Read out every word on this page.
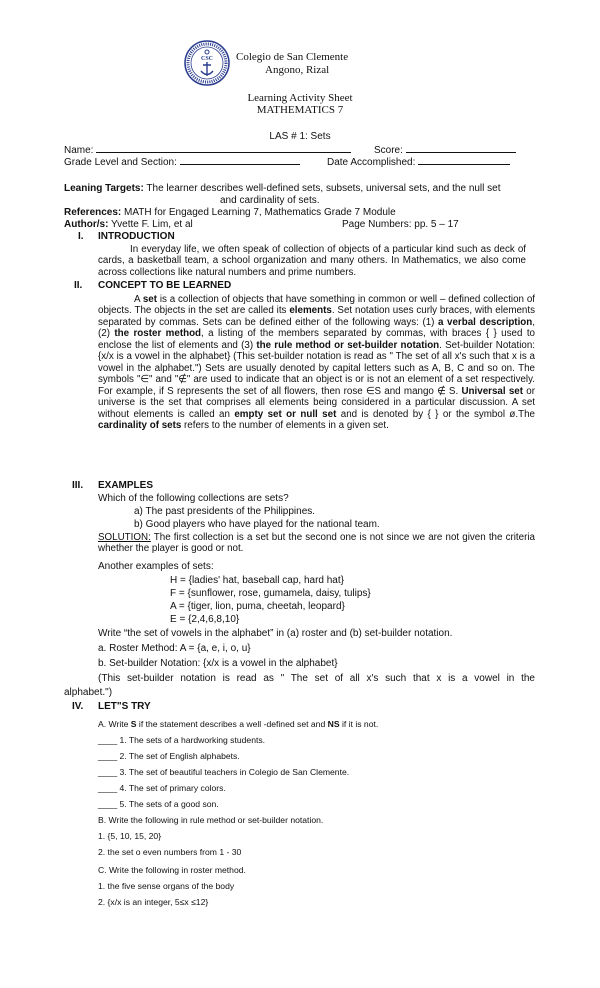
CSC Colegio de San Clemente
Angono, Rizal
Learning Activity Sheet
MATHEMATICS 7
LAS # 1: Sets
Name:	Score:
Grade Level and Section:	Date Accomplished:
Leaning Targets: The learner describes well-defined sets, subsets, universal sets, and the null set
and cardinality of sets.
References: MATH for Engaged Learning 7, Mathematics Grade 7 Module
Author/s: Yvette F. Lim, et al	Page Numbers: pp. 5 – 17
I. INTRODUCTION
In everyday life, we often speak of collection of objects of a particular kind such as deck of cards, a basketball team, a school organization and many others. In Mathematics, we also come across collections like natural numbers and prime numbers.
II. CONCEPT TO BE LEARNED
A set is a collection of objects that have something in common or well – defined collection of objects. The objects in the set are called its elements. Set notation uses curly braces, with elements separated by commas. Sets can be defined either of the following ways: (1) a verbal description, (2) the roster method, a listing of the members separated by commas, with braces { } used to enclose the list of elements and (3) the rule method or set-builder notation. Set-builder Notation: {x/x is a vowel in the alphabet} (This set-builder notation is read as " The set of all x's such that x is a vowel in the alphabet.") Sets are usually denoted by capital letters such as A, B, C and so on. The symbols "∈" and "∉" are used to indicate that an object is or is not an element of a set respectively. For example, if S represents the set of all flowers, then rose ∈S and mango ∉ S. Universal set or universe is the set that comprises all elements being considered in a particular discussion. A set without elements is called an empty set or null set and is denoted by { } or the symbol ø.The cardinality of sets refers to the number of elements in a given set.
III. EXAMPLES
Which of the following collections are sets?
a) The past presidents of the Philippines.
b) Good players who have played for the national team.
SOLUTION: The first collection is a set but the second one is not since we are not given the criteria whether the player is good or not.
Another examples of sets:
H = {ladies' hat, baseball cap, hard hat}
F = {sunflower, rose, gumamela, daisy, tulips}
A = {tiger, lion, puma, cheetah, leopard}
E = {2,4,6,8,10}
Write “the set of vowels in the alphabet” in (a) roster and (b) set-builder notation.
a. Roster Method: A = {a, e, i, o, u}
b. Set-builder Notation: {x/x is a vowel in the alphabet}
(This set-builder notation is read as " The set of all x's such that x is a vowel in the
alphabet.")
IV. LET"S TRY
A. Write S if the statement describes a well -defined set and NS if it is not.
____ 1. The sets of a hardworking students.
____ 2. The set of English alphabets.
____ 3. The set of beautiful teachers in Colegio de San Clemente.
____ 4. The set of primary colors.
____ 5. The sets of a good son.
B. Write the following in rule method or set-builder notation.
1. {5, 10, 15, 20}
2. the set o even numbers from 1 - 30
C. Write the following in roster method.
1. the five sense organs of the body
2. {x/x is an integer, 5≤x ≤12}
